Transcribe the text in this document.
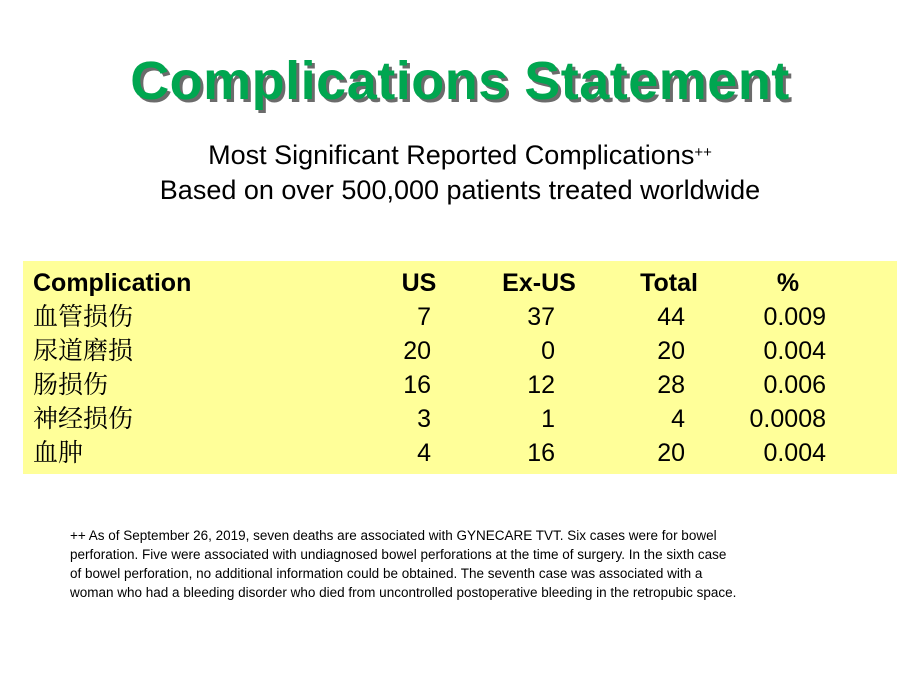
Complications Statement
Most Significant Reported Complications++
Based on over 500,000 patients treated worldwide
Complication	US	Ex-US	Total	%
血管损伤	7	37	44	0.009
尿道磨损	20	0	20	0.004
肠损伤	16	12	28	0.006
神经损伤	3	1	4	0.0008
血肿	4	16	20	0.004
++ As of September 26, 2019, seven deaths are associated with GYNECARE TVT. Six cases were for bowel
perforation. Five were associated with undiagnosed bowel perforations at the time of surgery. In the sixth case
of bowel perforation, no additional information could be obtained. The seventh case was associated with a
woman who had a bleeding disorder who died from uncontrolled postoperative bleeding in the retropubic space.
